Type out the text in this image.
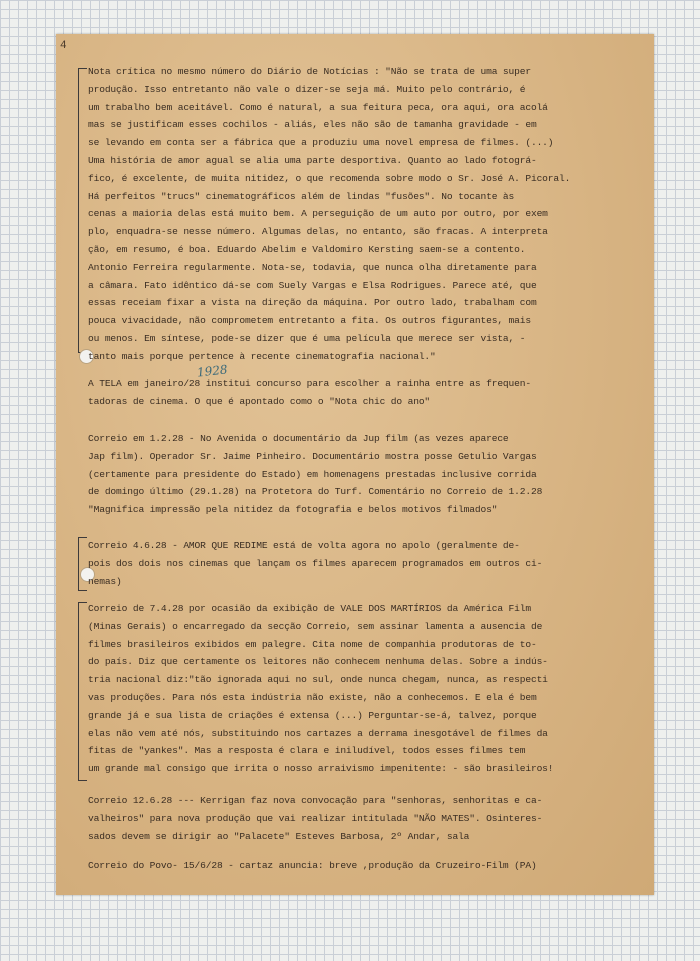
4
1928
Nota crítica no mesmo número do Diário de Notícias : "Não se trata de uma super
produção. Isso entretanto não vale o dizer-se seja má. Muito pelo contrário, é
um trabalho bem aceitável. Como é natural, a sua feitura peca, ora aqui, ora acolá
mas se justificam esses cochilos - aliás, eles não são de tamanha gravidade - em
se levando em conta ser a fábrica que a produziu uma novel empresa de filmes. (...)
Uma história de amor agual se alia uma parte desportiva. Quanto ao lado fotográ-
fico, é excelente, de muita nitidez, o que recomenda sobre modo o Sr. José A. Picoral.
Há perfeitos "trucs" cinematográficos além de lindas "fusões". No tocante às
cenas a maioria delas está muito bem. A perseguição de um auto por outro, por exem
plo, enquadra-se nesse número. Algumas delas, no entanto, são fracas. A interpreta
ção, em resumo, é boa. Eduardo Abelim e Valdomiro Kersting saem-se a contento.
Antonio Ferreira regularmente. Nota-se, todavia, que nunca olha diretamente para
a câmara. Fato idêntico dá-se com Suely Vargas e Elsa Rodrigues. Parece até, que
essas receiam fixar a vista na direção da máquina. Por outro lado, trabalham com
pouca vivacidade, não comprometem entretanto a fita. Os outros figurantes, mais
ou menos. Em síntese, pode-se dizer que é uma película que merece ser vista, -
tanto mais porque pertence à recente cinematografia nacional."
A TELA em janeiro/28 institui concurso para escolher a rainha entre as frequen-
tadoras de cinema. O que é apontado como o "Nota chic do ano"
Correio em 1.2.28 - No Avenida o documentário da Jup film (as vezes aparece
Jap film). Operador Sr. Jaime Pinheiro. Documentário mostra posse Getulio Vargas
(certamente para presidente do Estado) em homenagens prestadas inclusive corrida
de domingo último (29.1.28) na Protetora do Turf. Comentário no Correio de 1.2.28
"Magnifica impressão pela nitidez da fotografia e belos motivos filmados"
Correio 4.6.28 - AMOR QUE REDIME está de volta agora no apolo (geralmente de-
pois dos dois nos cinemas que lançam os filmes aparecem programados em outros ci-
nemas)
Correio de 7.4.28 por ocasião da exibição de VALE DOS MARTÍRIOS da América Film
(Minas Gerais) o encarregado da secção Correio, sem assinar lamenta a ausencia de
filmes brasileiros exibidos em palegre. Cita nome de companhia produtoras de to-
do país. Diz que certamente os leitores não conhecem nenhuma delas. Sobre a indús-
tria nacional diz:"tão ignorada aqui no sul, onde nunca chegam, nunca, as respecti
vas produções. Para nós esta indústria não existe, não a conhecemos. E ela é bem
grande já e sua lista de criações é extensa (...) Perguntar-se-á, talvez, porque
elas não vem até nós, substituindo nos cartazes a derrama inesgotável de filmes da
fitas de "yankes". Mas a resposta é clara e iniludível, todos esses filmes tem
um grande mal consigo que irrita o nosso arraivismo impenitente: - são brasileiros!
Correio 12.6.28 --- Kerrigan faz nova convocação para "senhoras, senhoritas e ca-
valheiros" para nova produção que vai realizar intitulada "NÃO MATES". Osinteres-
sados devem se dirigir ao "Palacete" Esteves Barbosa, 2º Andar, sala
Correio do Povo- 15/6/28 - cartaz anuncia: breve ,produção da Cruzeiro-Film (PA)
